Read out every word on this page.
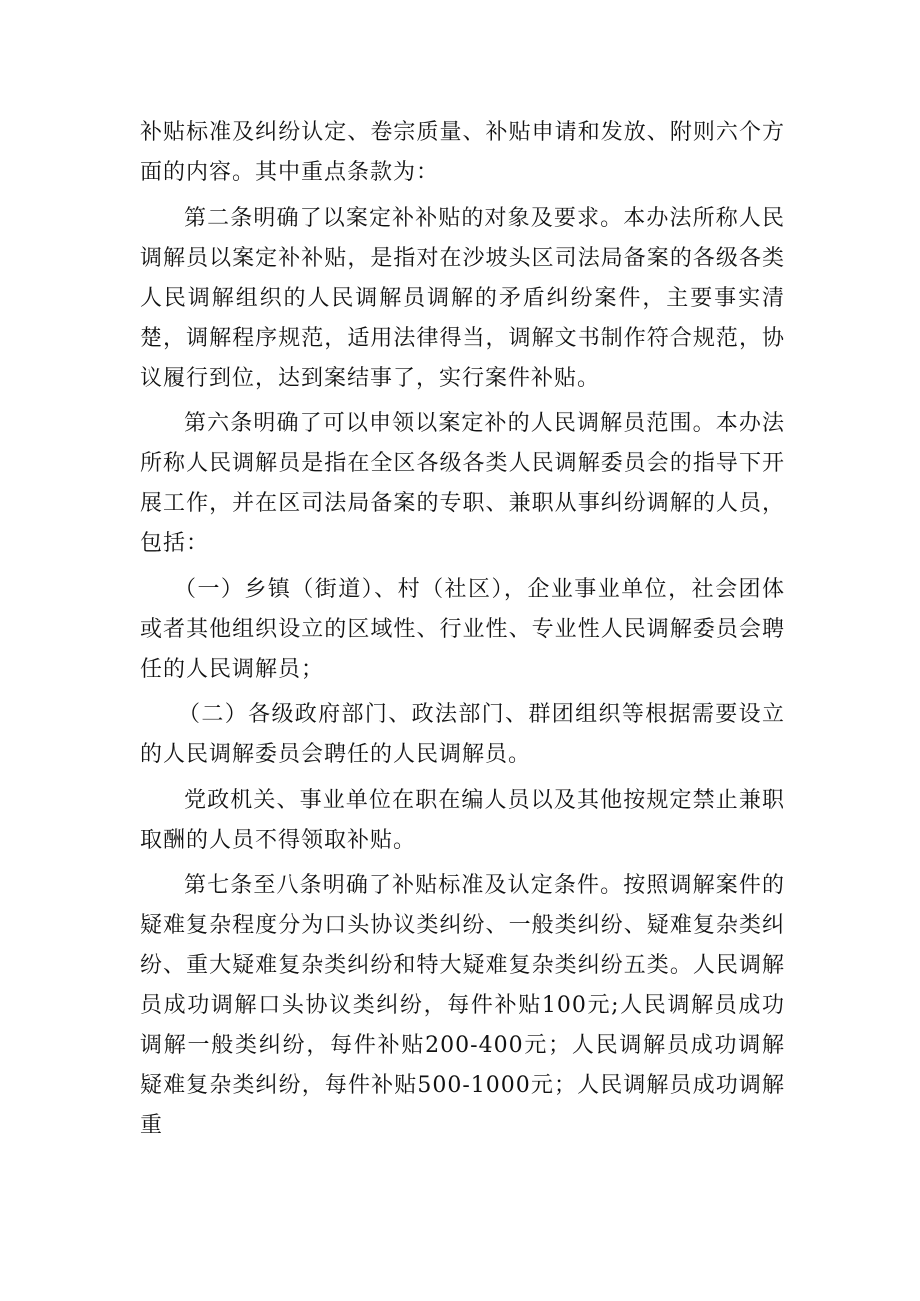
补贴标准及纠纷认定、卷宗质量、补贴申请和发放、附则六个方面的内容。其中重点条款为：

第二条明确了以案定补补贴的对象及要求。本办法所称人民调解员以案定补补贴，是指对在沙坡头区司法局备案的各级各类人民调解组织的人民调解员调解的矛盾纠纷案件，主要事实清楚，调解程序规范，适用法律得当，调解文书制作符合规范，协议履行到位，达到案结事了，实行案件补贴。

第六条明确了可以申领以案定补的人民调解员范围。本办法所称人民调解员是指在全区各级各类人民调解委员会的指导下开展工作，并在区司法局备案的专职、兼职从事纠纷调解的人员，包括：

（一）乡镇（街道）、村（社区），企业事业单位，社会团体或者其他组织设立的区域性、行业性、专业性人民调解委员会聘任的人民调解员；

（二）各级政府部门、政法部门、群团组织等根据需要设立的人民调解委员会聘任的人民调解员。

党政机关、事业单位在职在编人员以及其他按规定禁止兼职取酬的人员不得领取补贴。

第七条至八条明确了补贴标准及认定条件。按照调解案件的疑难复杂程度分为口头协议类纠纷、一般类纠纷、疑难复杂类纠纷、重大疑难复杂类纠纷和特大疑难复杂类纠纷五类。人民调解员成功调解口头协议类纠纷，每件补贴100元;人民调解员成功调解一般类纠纷，每件补贴200-400元；人民调解员成功调解疑难复杂类纠纷，每件补贴500-1000元；人民调解员成功调解重
